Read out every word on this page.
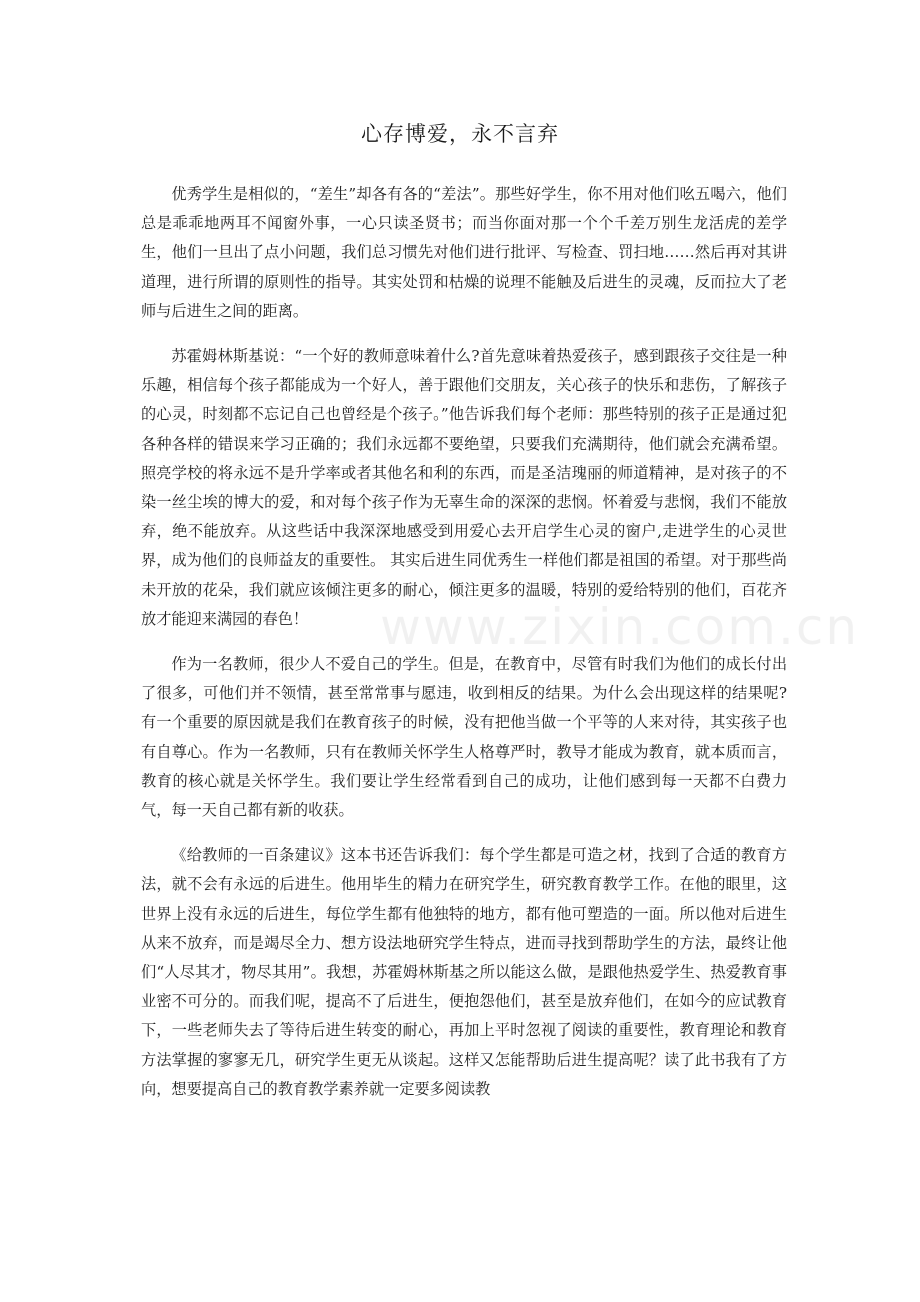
心存博爱，永不言弃

优秀学生是相似的，“差生”却各有各的“差法”。那些好学生，你不用对他们吆五喝六，他们总是乖乖地两耳不闻窗外事，一心只读圣贤书；而当你面对那一个个千差万别生龙活虎的差学生，他们一旦出了点小问题，我们总习惯先对他们进行批评、写检查、罚扫地……然后再对其讲道理，进行所谓的原则性的指导。其实处罚和枯燥的说理不能触及后进生的灵魂，反而拉大了老师与后进生之间的距离。

苏霍姆林斯基说：“一个好的教师意味着什么?首先意味着热爱孩子，感到跟孩子交往是一种乐趣，相信每个孩子都能成为一个好人，善于跟他们交朋友，关心孩子的快乐和悲伤，了解孩子的心灵，时刻都不忘记自己也曾经是个孩子。”他告诉我们每个老师：那些特别的孩子正是通过犯各种各样的错误来学习正确的；我们永远都不要绝望，只要我们充满期待，他们就会充满希望。照亮学校的将永远不是升学率或者其他名和利的东西，而是圣洁瑰丽的师道精神，是对孩子的不染一丝尘埃的博大的爱，和对每个孩子作为无辜生命的深深的悲悯。怀着爱与悲悯，我们不能放弃，绝不能放弃。从这些话中我深深地感受到用爱心去开启学生心灵的窗户,走进学生的心灵世界，成为他们的良师益友的重要性。 其实后进生同优秀生一样他们都是祖国的希望。对于那些尚未开放的花朵，我们就应该倾注更多的耐心，倾注更多的温暖，特别的爱给特别的他们，百花齐放才能迎来满园的春色！

作为一名教师，很少人不爱自己的学生。但是，在教育中，尽管有时我们为他们的成长付出了很多，可他们并不领情，甚至常常事与愿违，收到相反的结果。为什么会出现这样的结果呢?有一个重要的原因就是我们在教育孩子的时候，没有把他当做一个平等的人来对待，其实孩子也有自尊心。作为一名教师，只有在教师关怀学生人格尊严时，教导才能成为教育，就本质而言，教育的核心就是关怀学生。我们要让学生经常看到自己的成功，让他们感到每一天都不白费力气，每一天自己都有新的收获。

《给教师的一百条建议》这本书还告诉我们：每个学生都是可造之材，找到了合适的教育方法，就不会有永远的后进生。他用毕生的精力在研究学生，研究教育教学工作。在他的眼里，这世界上没有永远的后进生，每位学生都有他独特的地方，都有他可塑造的一面。所以他对后进生从来不放弃，而是竭尽全力、想方设法地研究学生特点，进而寻找到帮助学生的方法，最终让他们“人尽其才，物尽其用”。我想，苏霍姆林斯基之所以能这么做，是跟他热爱学生、热爱教育事业密不可分的。而我们呢，提高不了后进生，便抱怨他们，甚至是放弃他们，在如今的应试教育下，一些老师失去了等待后进生转变的耐心，再加上平时忽视了阅读的重要性，教育理论和教育方法掌握的寥寥无几，研究学生更无从谈起。这样又怎能帮助后进生提高呢？读了此书我有了方向，想要提高自己的教育教学素养就一定要多阅读教

www.zixin.com.cn
